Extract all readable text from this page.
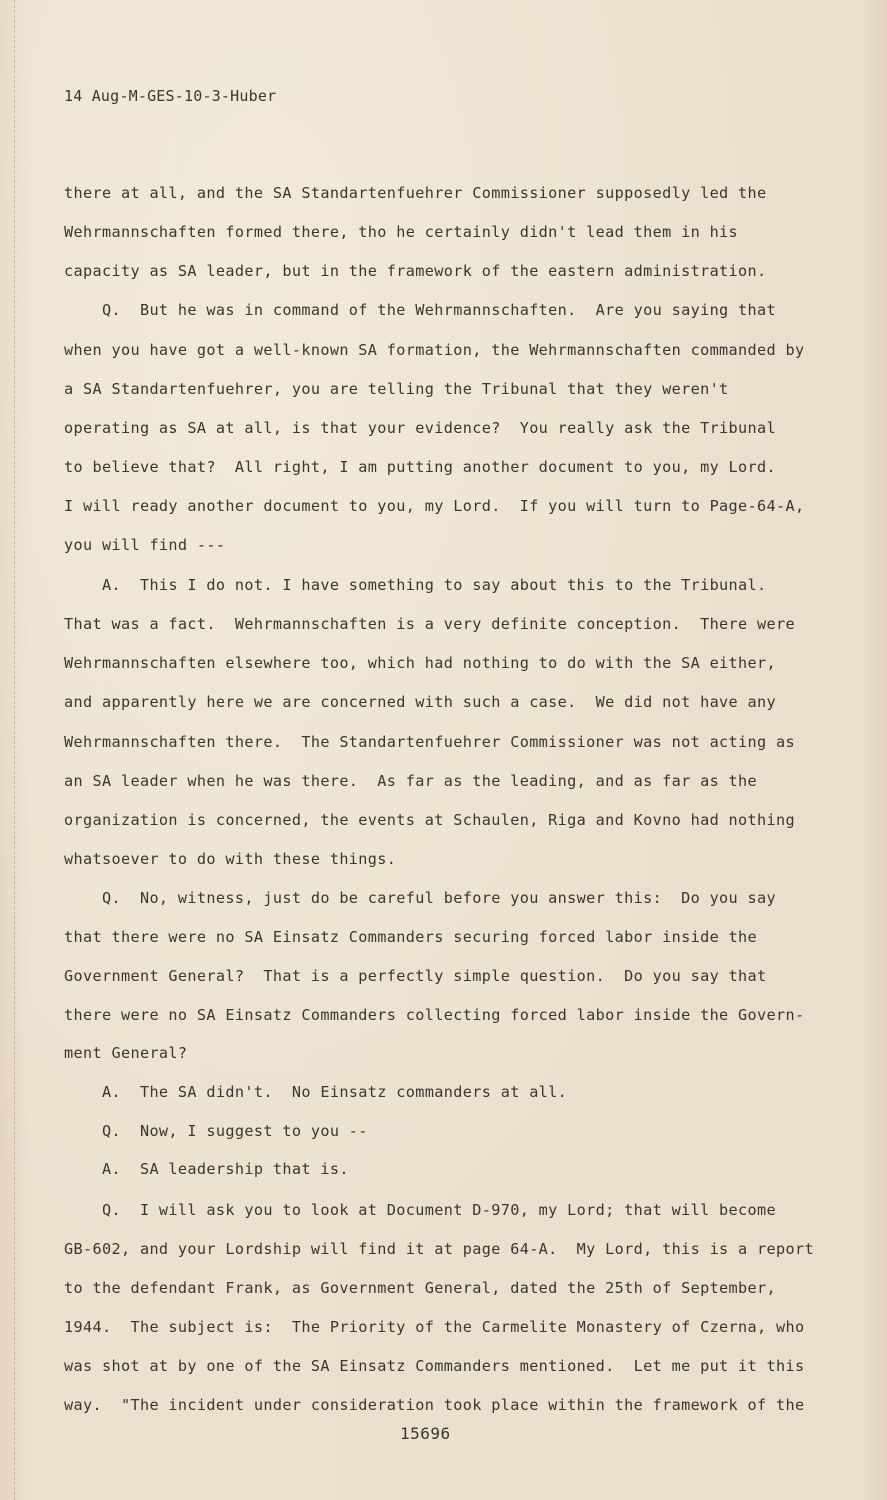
14 Aug-M-GES-10-3-Huber
there at all, and the SA Standartenfuehrer Commissioner supposedly led the
Wehrmannschaften formed there, tho he certainly didn't lead them in his
capacity as SA leader, but in the framework of the eastern administration.
Q.  But he was in command of the Wehrmannschaften.  Are you saying that
when you have got a well-known SA formation, the Wehrmannschaften commanded by
a SA Standartenfuehrer, you are telling the Tribunal that they weren't
operating as SA at all, is that your evidence?  You really ask the Tribunal
to believe that?  All right, I am putting another document to you, my Lord.
I will ready another document to you, my Lord.  If you will turn to Page-64-A,
you will find ---
A.  This I do not. I have something to say about this to the Tribunal.
That was a fact.  Wehrmannschaften is a very definite conception.  There were
Wehrmannschaften elsewhere too, which had nothing to do with the SA either,
and apparently here we are concerned with such a case.  We did not have any
Wehrmannschaften there.  The Standartenfuehrer Commissioner was not acting as
an SA leader when he was there.  As far as the leading, and as far as the
organization is concerned, the events at Schaulen, Riga and Kovno had nothing
whatsoever to do with these things.
Q.  No, witness, just do be careful before you answer this:  Do you say
that there were no SA Einsatz Commanders securing forced labor inside the
Government General?  That is a perfectly simple question.  Do you say that
there were no SA Einsatz Commanders collecting forced labor inside the Govern-
ment General?
A.  The SA didn't.  No Einsatz commanders at all.
Q.  Now, I suggest to you --
A.  SA leadership that is.
Q.  I will ask you to look at Document D-970, my Lord; that will become
GB-602, and your Lordship will find it at page 64-A.  My Lord, this is a report
to the defendant Frank, as Government General, dated the 25th of September,
1944.  The subject is:  The Priority of the Carmelite Monastery of Czerna, who
was shot at by one of the SA Einsatz Commanders mentioned.  Let me put it this
way.  "The incident under consideration took place within the framework of the
15696
